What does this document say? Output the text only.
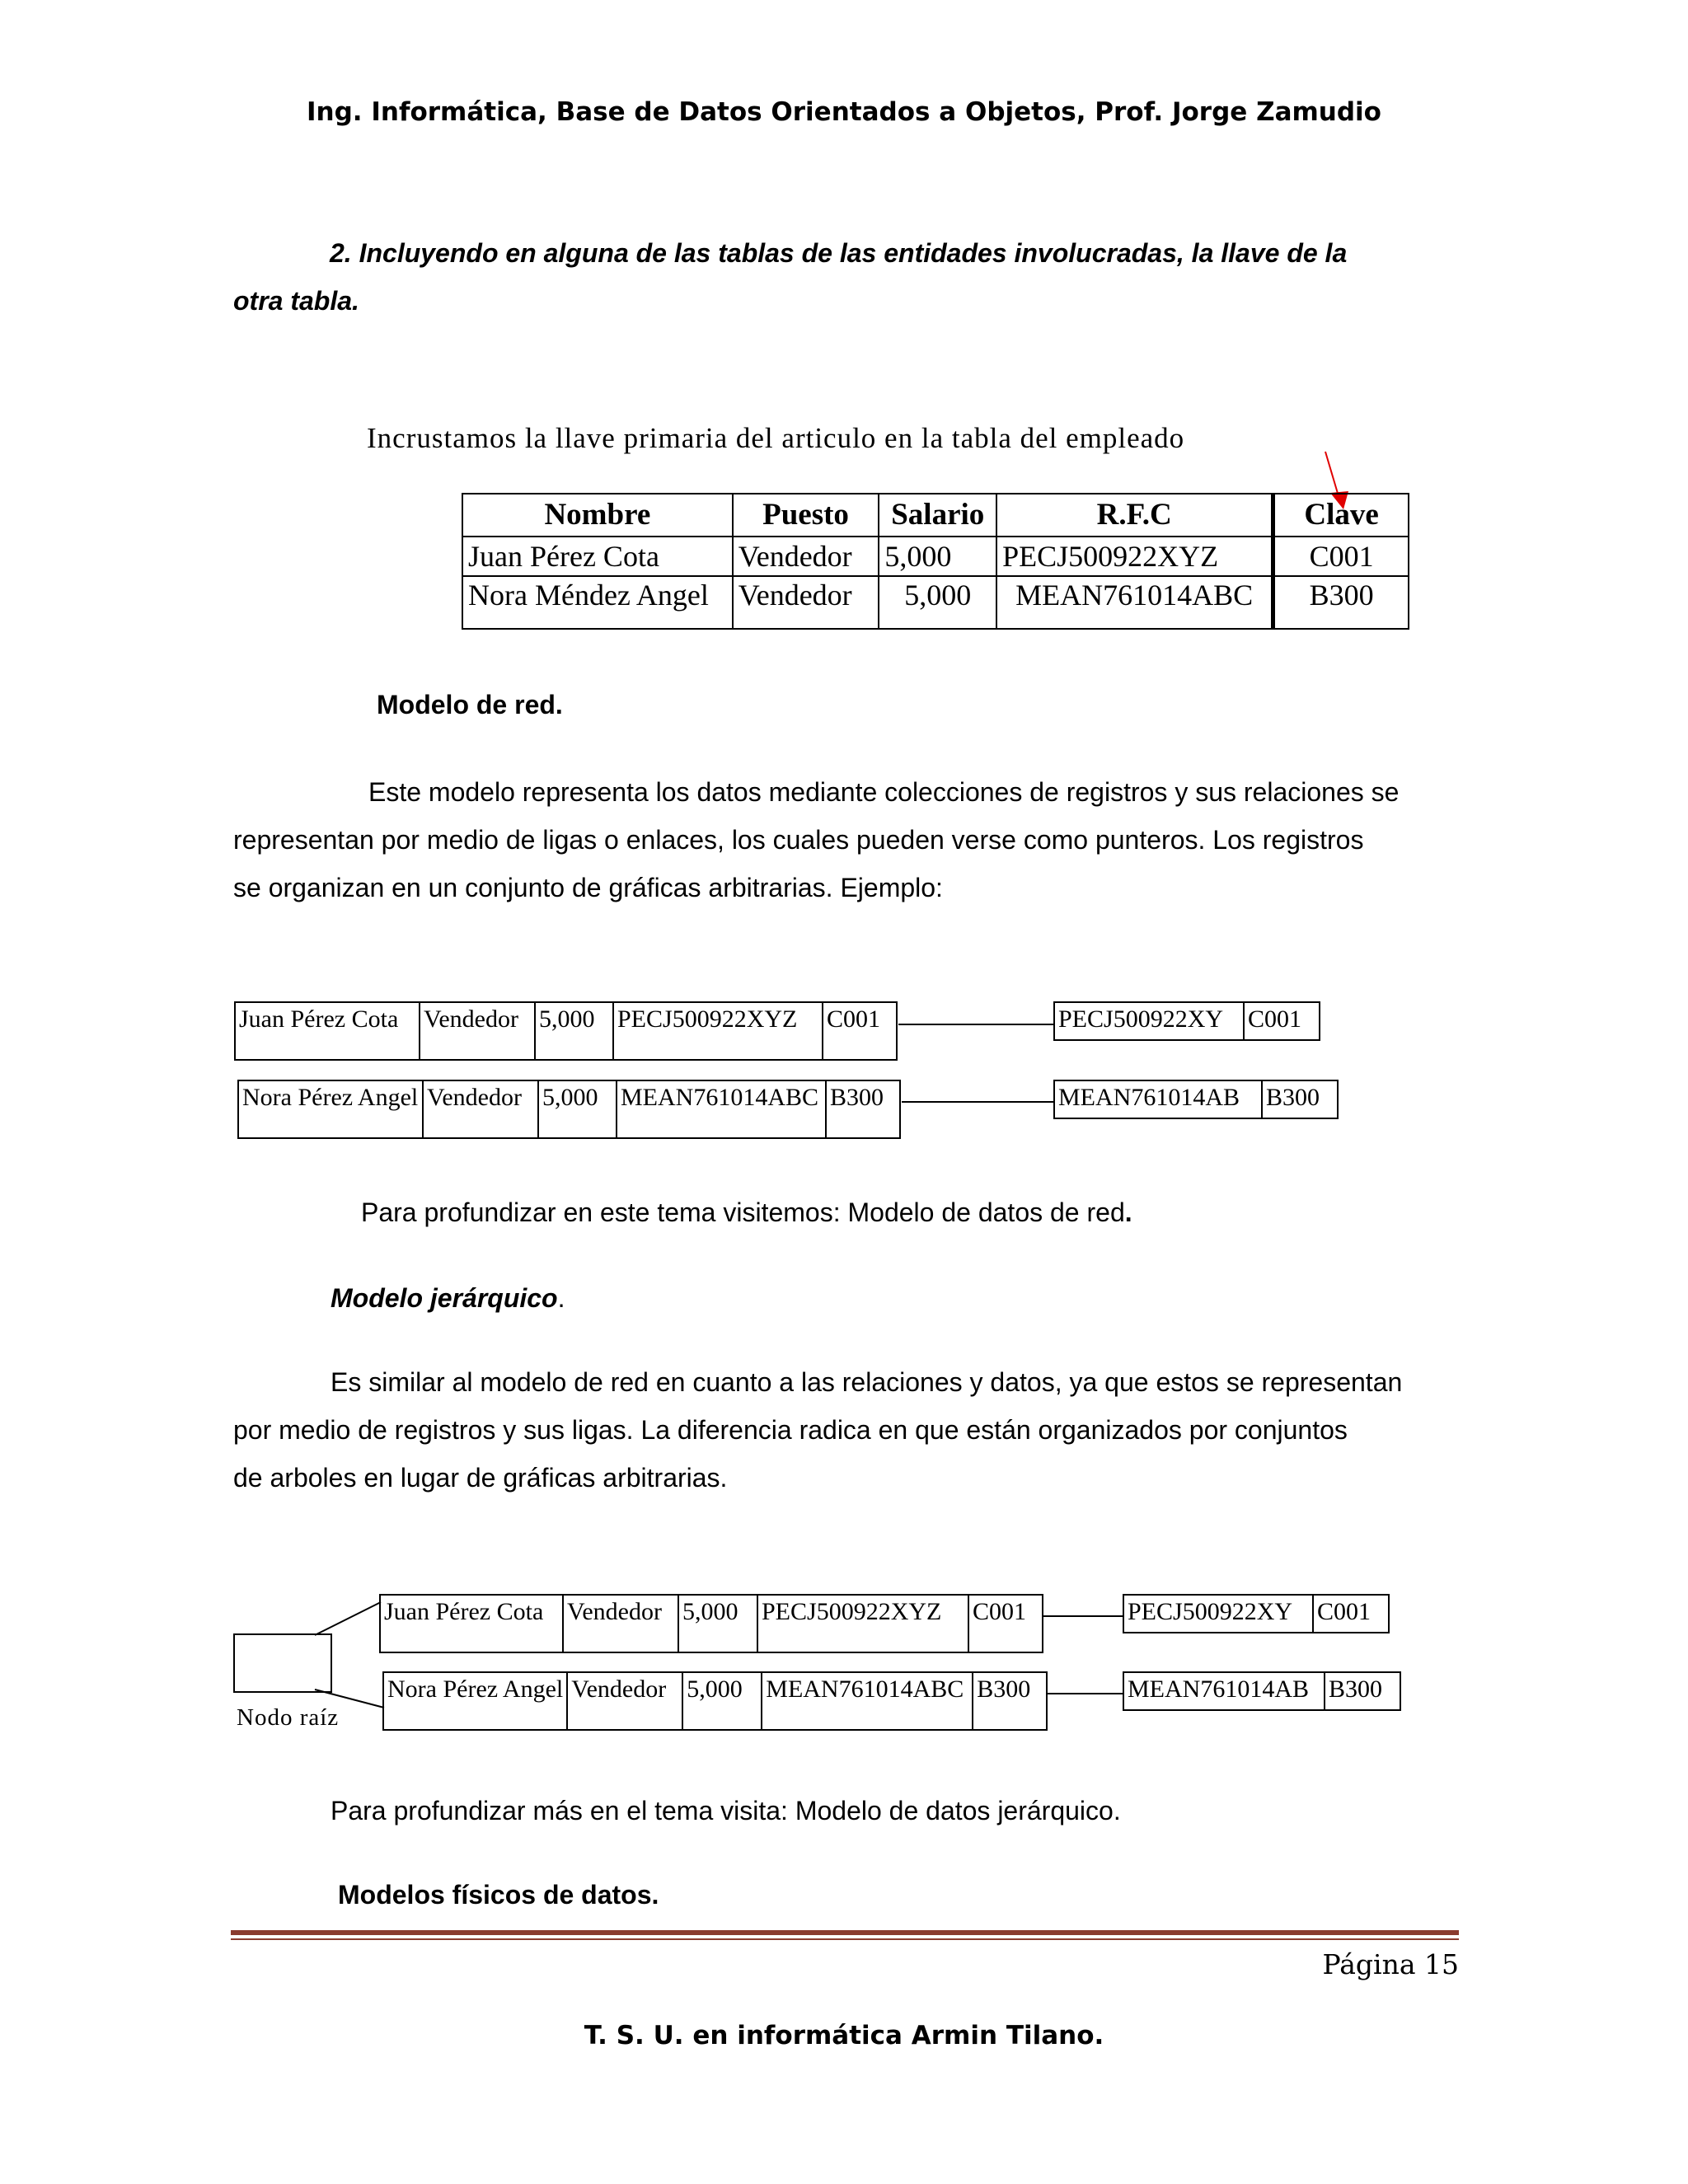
Ing. Informática, Base de Datos Orientados a Objetos, Prof. Jorge Zamudio
2. Incluyendo en alguna de las tablas de las entidades involucradas, la llave de la
otra tabla.
Incrustamos la llave primaria del articulo en la tabla del empleado
Nombre	Puesto	Salario	R.F.C	Clave
Juan Pérez Cota	Vendedor	5,000	PECJ500922XYZ	C001
Nora Méndez Angel	Vendedor	5,000	MEAN761014ABC	B300
Modelo de red.
Este modelo representa los datos mediante colecciones de registros y sus relaciones se
representan por medio de ligas o enlaces, los cuales pueden verse como punteros. Los registros
se organizan en un conjunto de gráficas arbitrarias. Ejemplo:
Juan Pérez Cota	Vendedor	5,000	PECJ500922XYZ	C001
Nora Pérez Angel	Vendedor	5,000	MEAN761014ABC	B300
PECJ500922XY	C001
MEAN761014AB	B300
Para profundizar en este tema visitemos: Modelo de datos de red.
Modelo jerárquico.
Es similar al modelo de red en cuanto a las relaciones y datos, ya que estos se representan
por medio de registros y sus ligas. La diferencia radica en que están organizados por conjuntos
de arboles en lugar de gráficas arbitrarias.
Nodo raíz
Juan Pérez Cota	Vendedor	5,000	PECJ500922XYZ	C001
Nora Pérez Angel	Vendedor	5,000	MEAN761014ABC	B300
PECJ500922XY	C001
MEAN761014AB	B300
Para profundizar más en el tema visita: Modelo de datos jerárquico.
Modelos físicos de datos.
Página 15
T. S. U. en informática Armin Tilano.
